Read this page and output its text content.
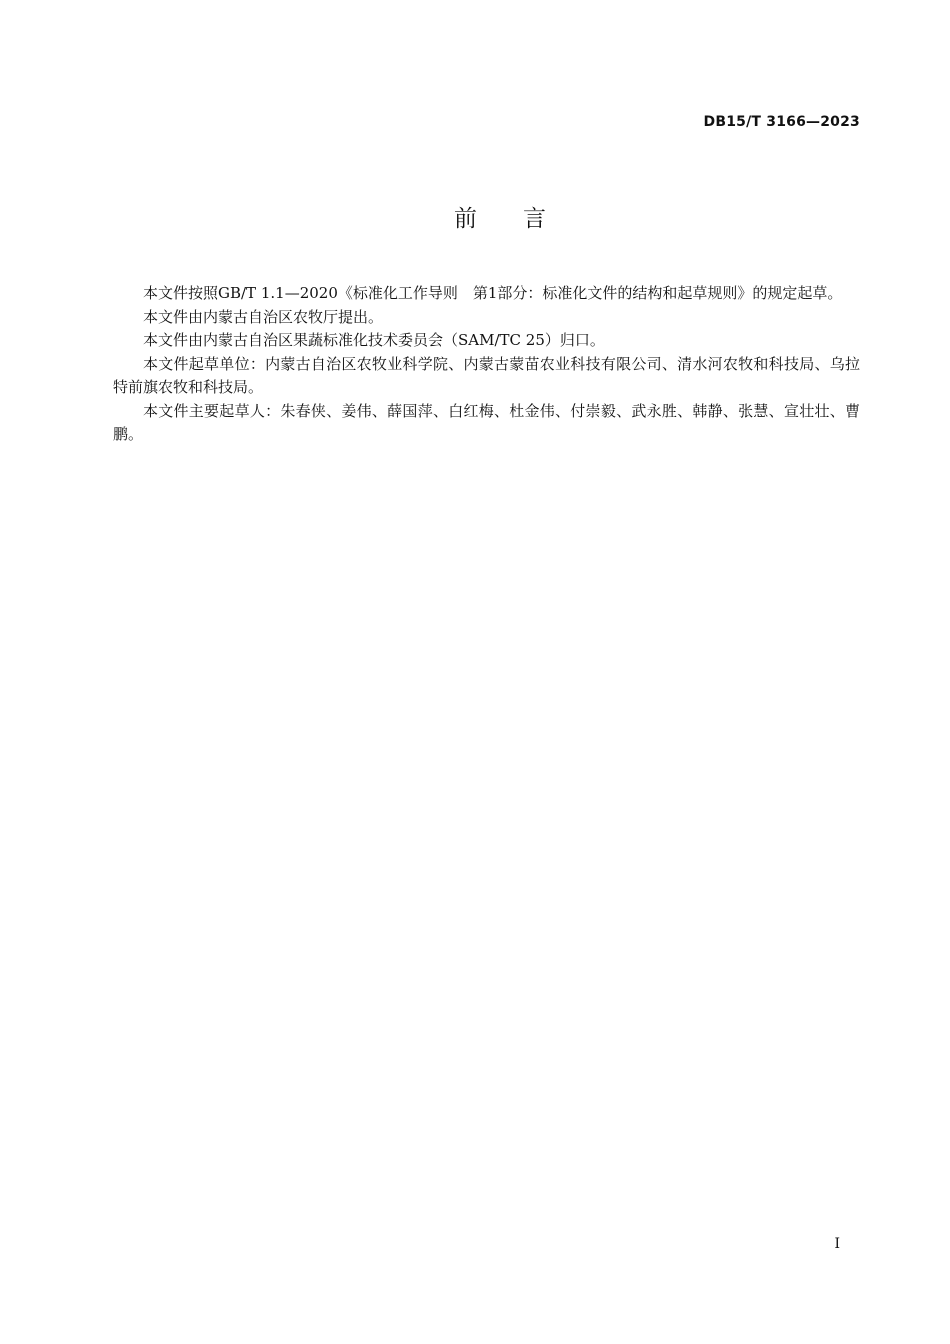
DB15/T 3166—2023
前言

本文件按照GB/T 1.1—2020《标准化工作导则　第1部分：标准化文件的结构和起草规则》的规定起草。

本文件由内蒙古自治区农牧厅提出。

本文件由内蒙古自治区果蔬标准化技术委员会（SAM/TC 25）归口。

本文件起草单位：内蒙古自治区农牧业科学院、内蒙古蒙苗农业科技有限公司、清水河农牧和科技局、乌拉特前旗农牧和科技局。

本文件主要起草人：朱春侠、姜伟、薛国萍、白红梅、杜金伟、付崇毅、武永胜、韩静、张慧、宣壮壮、曹鹏。

I
